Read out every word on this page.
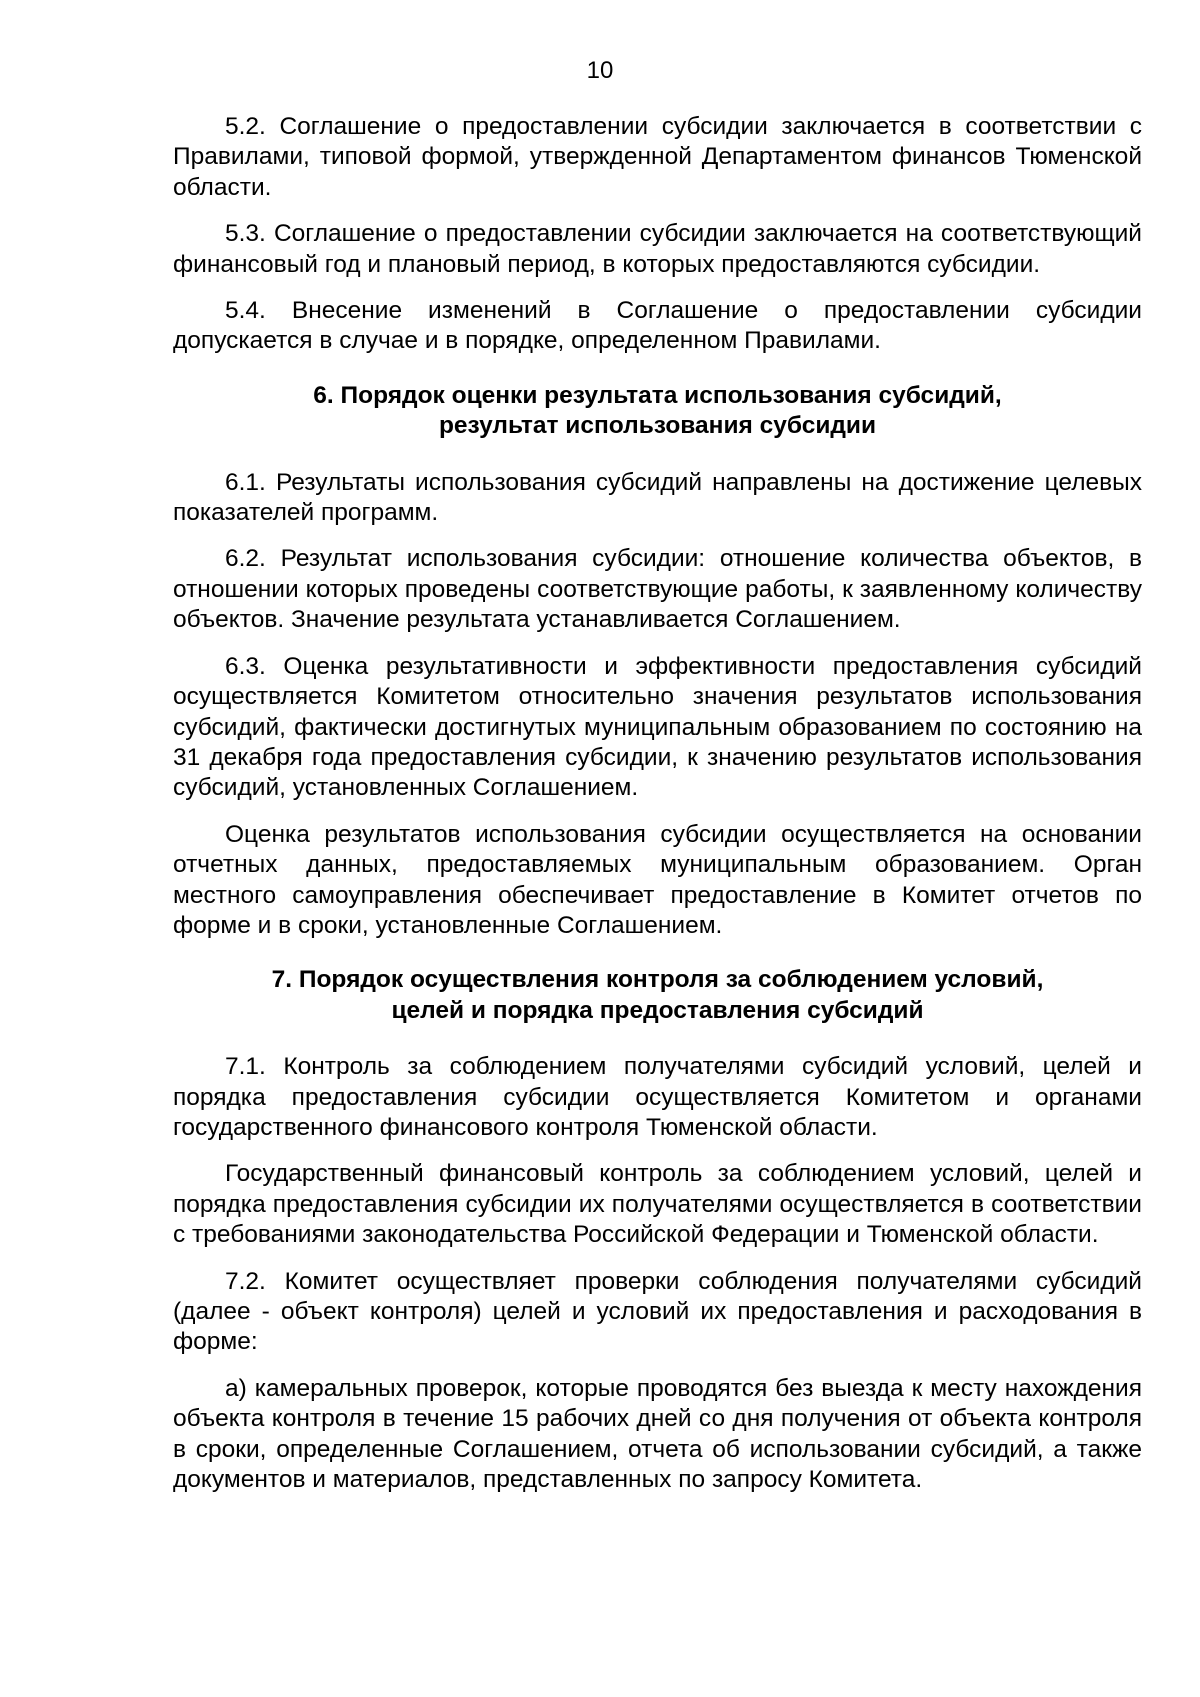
10

5.2. Соглашение о предоставлении субсидии заключается в соответствии с Правилами, типовой формой, утвержденной Департаментом финансов Тюменской области.

5.3. Соглашение о предоставлении субсидии заключается на соответствующий финансовый год и плановый период, в которых предоставляются субсидии.

5.4. Внесение изменений в Соглашение о предоставлении субсидии допускается в случае и в порядке, определенном Правилами.

6. Порядок оценки результата использования субсидий,
результат использования субсидии

6.1. Результаты использования субсидий направлены на достижение целевых показателей программ.

6.2. Результат использования субсидии: отношение количества объектов, в отношении которых проведены соответствующие работы, к заявленному количеству объектов. Значение результата устанавливается Соглашением.

6.3. Оценка результативности и эффективности предоставления субсидий осуществляется Комитетом относительно значения результатов использования субсидий, фактически достигнутых муниципальным образованием по состоянию на 31 декабря года предоставления субсидии, к значению результатов использования субсидий, установленных Соглашением.

Оценка результатов использования субсидии осуществляется на основании отчетных данных, предоставляемых муниципальным образованием. Орган местного самоуправления обеспечивает предоставление в Комитет отчетов по форме и в сроки, установленные Соглашением.

7. Порядок осуществления контроля за соблюдением условий,
целей и порядка предоставления субсидий

7.1. Контроль за соблюдением получателями субсидий условий, целей и порядка предоставления субсидии осуществляется Комитетом и органами государственного финансового контроля Тюменской области.

Государственный финансовый контроль за соблюдением условий, целей и порядка предоставления субсидии их получателями осуществляется в соответствии с требованиями законодательства Российской Федерации и Тюменской области.

7.2. Комитет осуществляет проверки соблюдения получателями субсидий (далее - объект контроля) целей и условий их предоставления и расходования в форме:

а) камеральных проверок, которые проводятся без выезда к месту нахождения объекта контроля в течение 15 рабочих дней со дня получения от объекта контроля в сроки, определенные Соглашением, отчета об использовании субсидий, а также документов и материалов, представленных по запросу Комитета.
